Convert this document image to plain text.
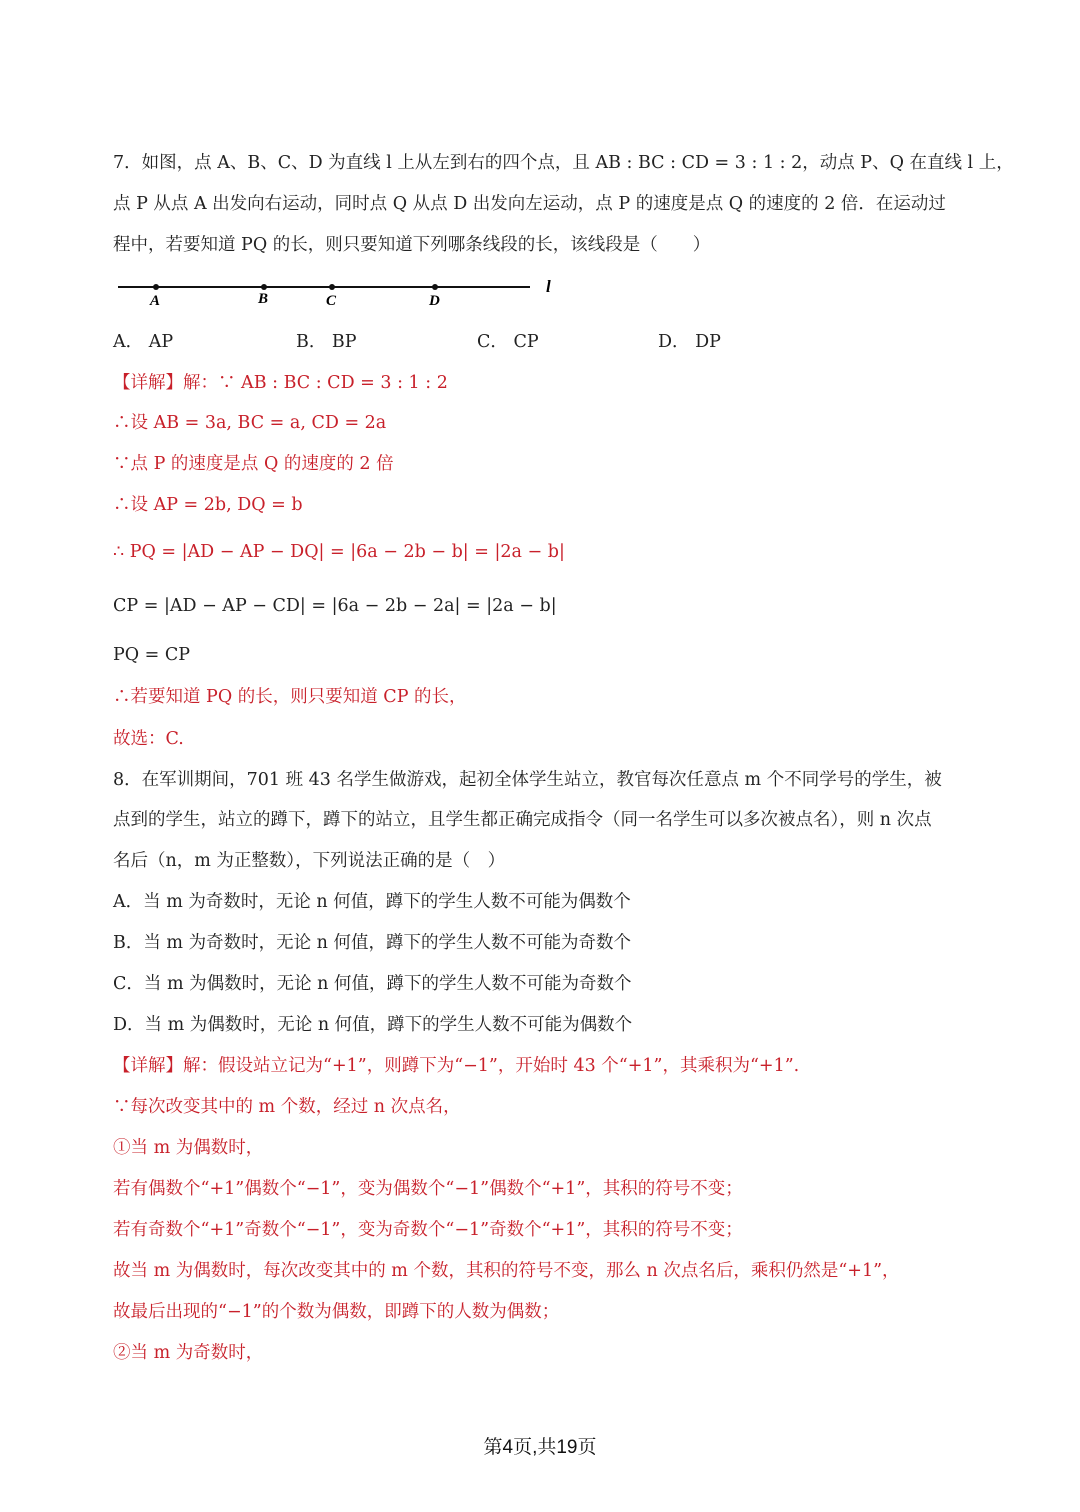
7．如图，点 A、B、C、D 为直线 l 上从左到右的四个点，且 AB : BC : CD = 3 : 1 : 2，动点 P、Q 在直线 l 上，
点 P 从点 A 出发向右运动，同时点 Q 从点 D 出发向左运动，点 P 的速度是点 Q 的速度的 2 倍．在运动过
程中，若要知道 PQ 的长，则只要知道下列哪条线段的长，该线段是（　　）
A	B	C	D
l
A． AP	B． BP	C． CP	D． DP
【详解】解：∵ AB : BC : CD = 3 : 1 : 2
∴设 AB = 3a, BC = a, CD = 2a
∵点 P 的速度是点 Q 的速度的 2 倍
∴设 AP = 2b, DQ = b
∴ PQ = |AD − AP − DQ| = |6a − 2b − b| = |2a − b|
CP = |AD − AP − CD| = |6a − 2b − 2a| = |2a − b|
PQ = CP
∴若要知道 PQ 的长，则只要知道 CP 的长，
故选：C.
8．在军训期间，701 班 43 名学生做游戏，起初全体学生站立，教官每次任意点 m 个不同学号的学生，被
点到的学生，站立的蹲下，蹲下的站立，且学生都正确完成指令（同一名学生可以多次被点名），则 n 次点
名后（n，m 为正整数），下列说法正确的是（　）
A．当 m 为奇数时，无论 n 何值，蹲下的学生人数不可能为偶数个
B．当 m 为奇数时，无论 n 何值，蹲下的学生人数不可能为奇数个
C．当 m 为偶数时，无论 n 何值，蹲下的学生人数不可能为奇数个
D．当 m 为偶数时，无论 n 何值，蹲下的学生人数不可能为偶数个
【详解】解：假设站立记为“+1”，则蹲下为“−1”，开始时 43 个“+1”，其乘积为“+1”.
∵每次改变其中的 m 个数，经过 n 次点名，
①当 m 为偶数时，
若有偶数个“+1”偶数个“−1”，变为偶数个“−1”偶数个“+1”，其积的符号不变；
若有奇数个“+1”奇数个“−1”，变为奇数个“−1”奇数个“+1”，其积的符号不变；
故当 m 为偶数时，每次改变其中的 m 个数，其积的符号不变，那么 n 次点名后，乘积仍然是“+1”，
故最后出现的“−1”的个数为偶数，即蹲下的人数为偶数；
②当 m 为奇数时，
第4页,共19页
